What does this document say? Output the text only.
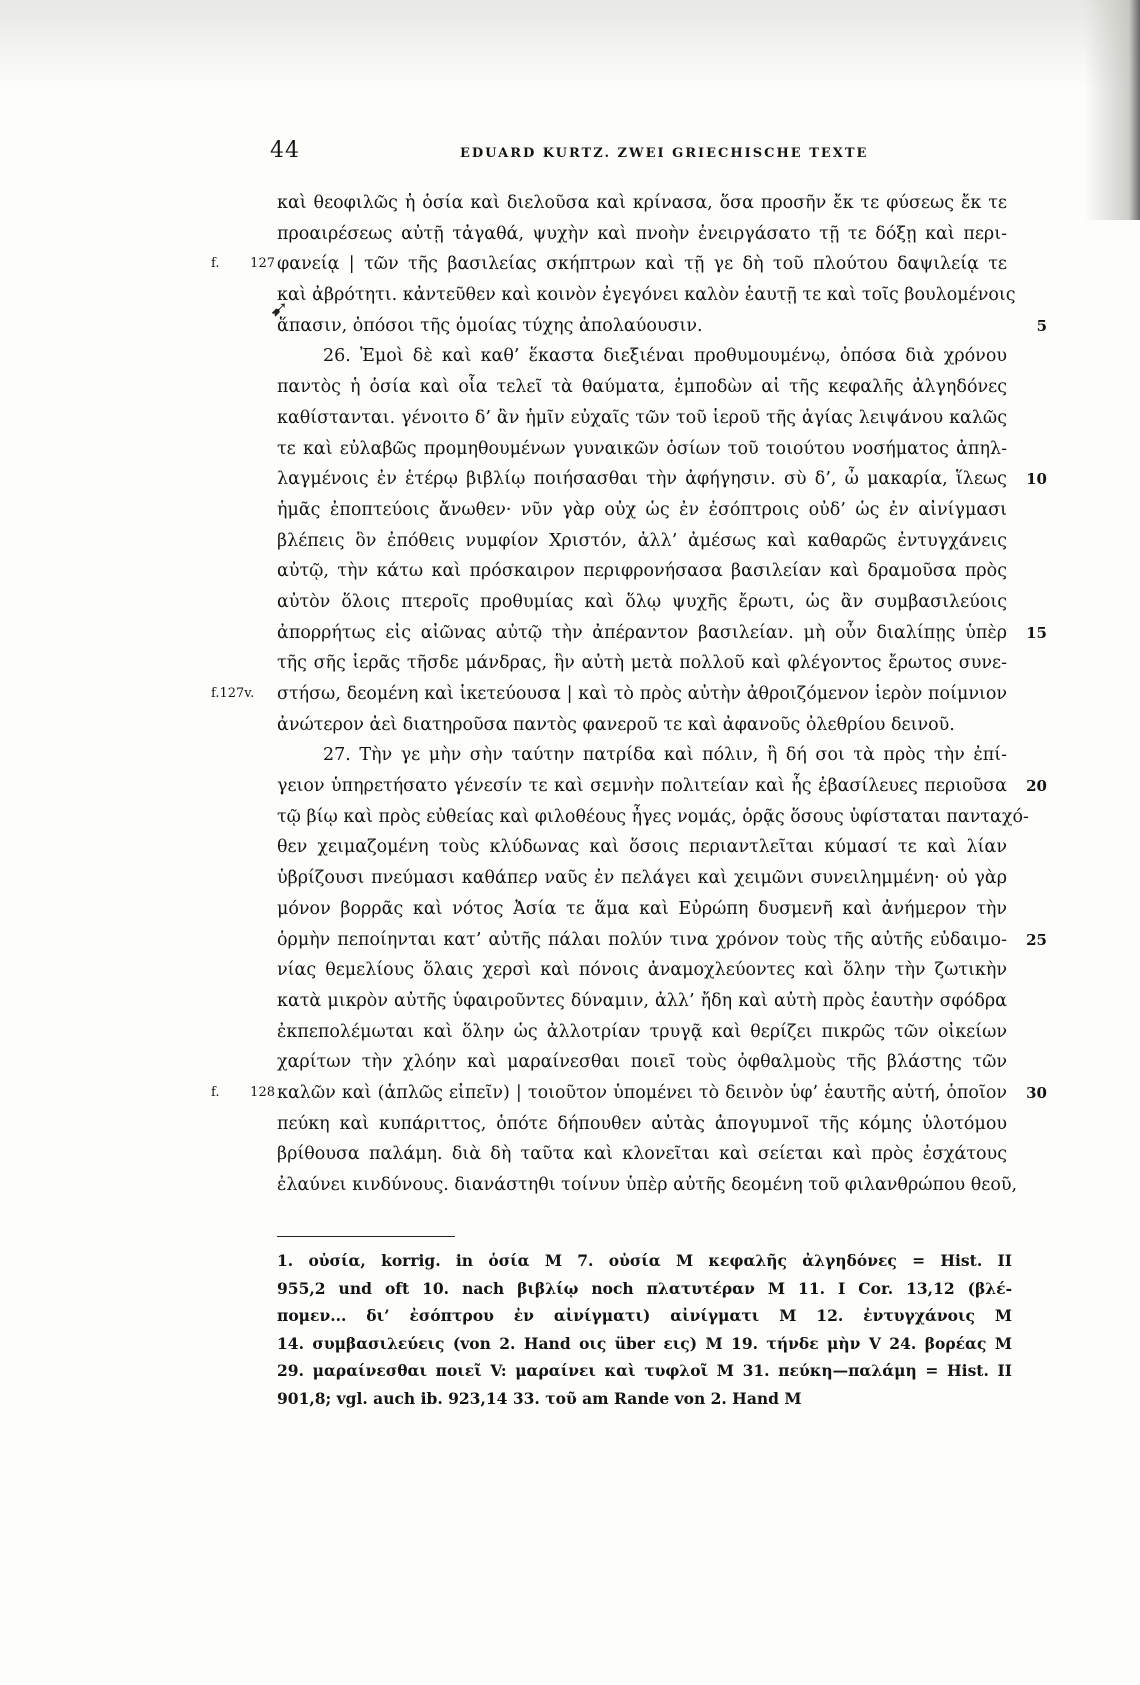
44	EDUARD KURTZ. ZWEI GRIECHISCHE TEXTE
➹
καὶ θεοφιλῶς ἡ ὁσία καὶ διελοῦσα καὶ κρίνασα, ὅσα προσῆν ἔκ τε φύσεως ἔκ τε
προαιρέσεως αὐτῇ τἀγαθά, ψυχὴν καὶ πνοὴν ἐνειργάσατο τῇ τε δόξῃ καὶ περι-
f. 127 φανείᾳ | τῶν τῆς βασιλείας σκήπτρων καὶ τῇ γε δὴ τοῦ πλούτου δαψιλείᾳ τε
καὶ ἀβρότητι. κἀντεῦθεν καὶ κοινὸν ἐγεγόνει καλὸν ἑαυτῇ τε καὶ τοῖς βουλομένοις
ἅπασιν, ὁπόσοι τῆς ὁμοίας τύχης ἀπολαύουσιν.	5
26. Ἐμοὶ δὲ καὶ καθ’ ἕκαστα διεξιέναι προθυμουμένῳ, ὁπόσα διὰ χρόνου
παντὸς ἡ ὁσία καὶ οἷα τελεῖ τὰ θαύματα, ἐμποδὼν αἱ τῆς κεφαλῆς ἀλγηδόνες
καθίστανται. γένοιτο δ’ ἂν ἡμῖν εὐχαῖς τῶν τοῦ ἱεροῦ τῆς ἁγίας λειψάνου καλῶς
τε καὶ εὐλαβῶς προμηθουμένων γυναικῶν ὁσίων τοῦ τοιούτου νοσήματος ἀπηλ-
λαγμένοις ἐν ἑτέρῳ βιβλίῳ ποιήσασθαι τὴν ἀφήγησιν. σὺ δ’, ὦ μακαρία, ἵλεως	10
ἡμᾶς ἐποπτεύοις ἄνωθεν· νῦν γὰρ οὐχ ὡς ἐν ἐσόπτροις οὐδ’ ὡς ἐν αἰνίγμασι
βλέπεις ὃν ἐπόθεις νυμφίον Χριστόν, ἀλλ’ ἀμέσως καὶ καθαρῶς ἐντυγχάνεις
αὐτῷ, τὴν κάτω καὶ πρόσκαιρον περιφρονήσασα βασιλείαν καὶ δραμοῦσα πρὸς
αὐτὸν ὅλοις πτεροῖς προθυμίας καὶ ὅλῳ ψυχῆς ἔρωτι, ὡς ἂν συμβασιλεύοις
ἀπορρήτως εἰς αἰῶνας αὐτῷ τὴν ἀπέραντον βασιλείαν. μὴ οὖν διαλίπῃς ὑπὲρ	15
τῆς σῆς ἱερᾶς τῆσδε μάνδρας, ἣν αὐτὴ μετὰ πολλοῦ καὶ φλέγοντος ἔρωτος συνε-
f.127v.	στήσω, δεομένη καὶ ἱκετεύουσα | καὶ τὸ πρὸς αὐτὴν ἀθροιζόμενον ἱερὸν ποίμνιον
ἀνώτερον ἀεὶ διατηροῦσα παντὸς φανεροῦ τε καὶ ἀφανοῦς ὀλεθρίου δεινοῦ.
27. Τὴν γε μὴν σὴν ταύτην πατρίδα καὶ πόλιν, ἣ δή σοι τὰ πρὸς τὴν ἐπί-
γειον ὑπηρετήσατο γένεσίν τε καὶ σεμνὴν πολιτείαν καὶ ἧς ἐβασίλευες περιοῦσα	20
τῷ βίῳ καὶ πρὸς εὐθείας καὶ φιλοθέους ἦγες νομάς, ὁρᾷς ὅσους ὑφίσταται πανταχό-
θεν χειμαζομένη τοὺς κλύδωνας καὶ ὅσοις περιαντλεῖται κύμασί τε καὶ λίαν
ὑβρίζουσι πνεύμασι καθάπερ ναῦς ἐν πελάγει καὶ χειμῶνι συνειλημμένη· οὐ γὰρ
μόνον βορρᾶς καὶ νότος Ἀσία τε ἅμα καὶ Εὐρώπη δυσμενῆ καὶ ἀνήμερον τὴν
ὁρμὴν πεποίηνται κατ’ αὐτῆς πάλαι πολύν τινα χρόνον τοὺς τῆς αὐτῆς εὐδαιμο-	25
νίας θεμελίους ὅλαις χερσὶ καὶ πόνοις ἀναμοχλεύοντες καὶ ὅλην τὴν ζωτικὴν
κατὰ μικρὸν αὐτῆς ὑφαιροῦντες δύναμιν, ἀλλ’ ἤδη καὶ αὐτὴ πρὸς ἑαυτὴν σφόδρα
ἐκπεπολέμωται καὶ ὅλην ὡς ἀλλοτρίαν τρυγᾷ καὶ θερίζει πικρῶς τῶν οἰκείων
χαρίτων τὴν χλόην καὶ μαραίνεσθαι ποιεῖ τοὺς ὀφθαλμοὺς τῆς βλάστης τῶν
f. 128 καλῶν καὶ (ἁπλῶς εἰπεῖν) | τοιοῦτον ὑπομένει τὸ δεινὸν ὑφ’ ἑαυτῆς αὐτή, ὁποῖον	30
πεύκη καὶ κυπάριττος, ὁπότε δήπουθεν αὐτὰς ἀπογυμνοῖ τῆς κόμης ὑλοτόμου
βρίθουσα παλάμη. διὰ δὴ ταῦτα καὶ κλονεῖται καὶ σείεται καὶ πρὸς ἐσχάτους
ἐλαύνει κινδύνους. διανάστηθι τοίνυν ὑπὲρ αὐτῆς δεομένη τοῦ φιλανθρώπου θεοῦ,
1. οὐσία, korrig. in ὁσία M 7. οὐσία M κεφαλῆς ἀλγηδόνες = Hist. II
955,2 und oft 10. nach βιβλίῳ noch πλατυτέραν M 11. I Cor. 13,12 (βλέ-
πομεν... δι’ ἐσόπτρου ἐν αἰνίγματι) αἰνίγματι M 12. ἐντυγχάνοις M
14. συμβασιλεύεις (von 2. Hand οις über εις) M 19. τήνδε μὴν V 24. βορέας M
29. μαραίνεσθαι ποιεῖ V: μαραίνει καὶ τυφλοῖ M 31. πεύκη—παλάμη = Hist. II
901,8; vgl. auch ib. 923,14 33. τοῦ am Rande von 2. Hand M
